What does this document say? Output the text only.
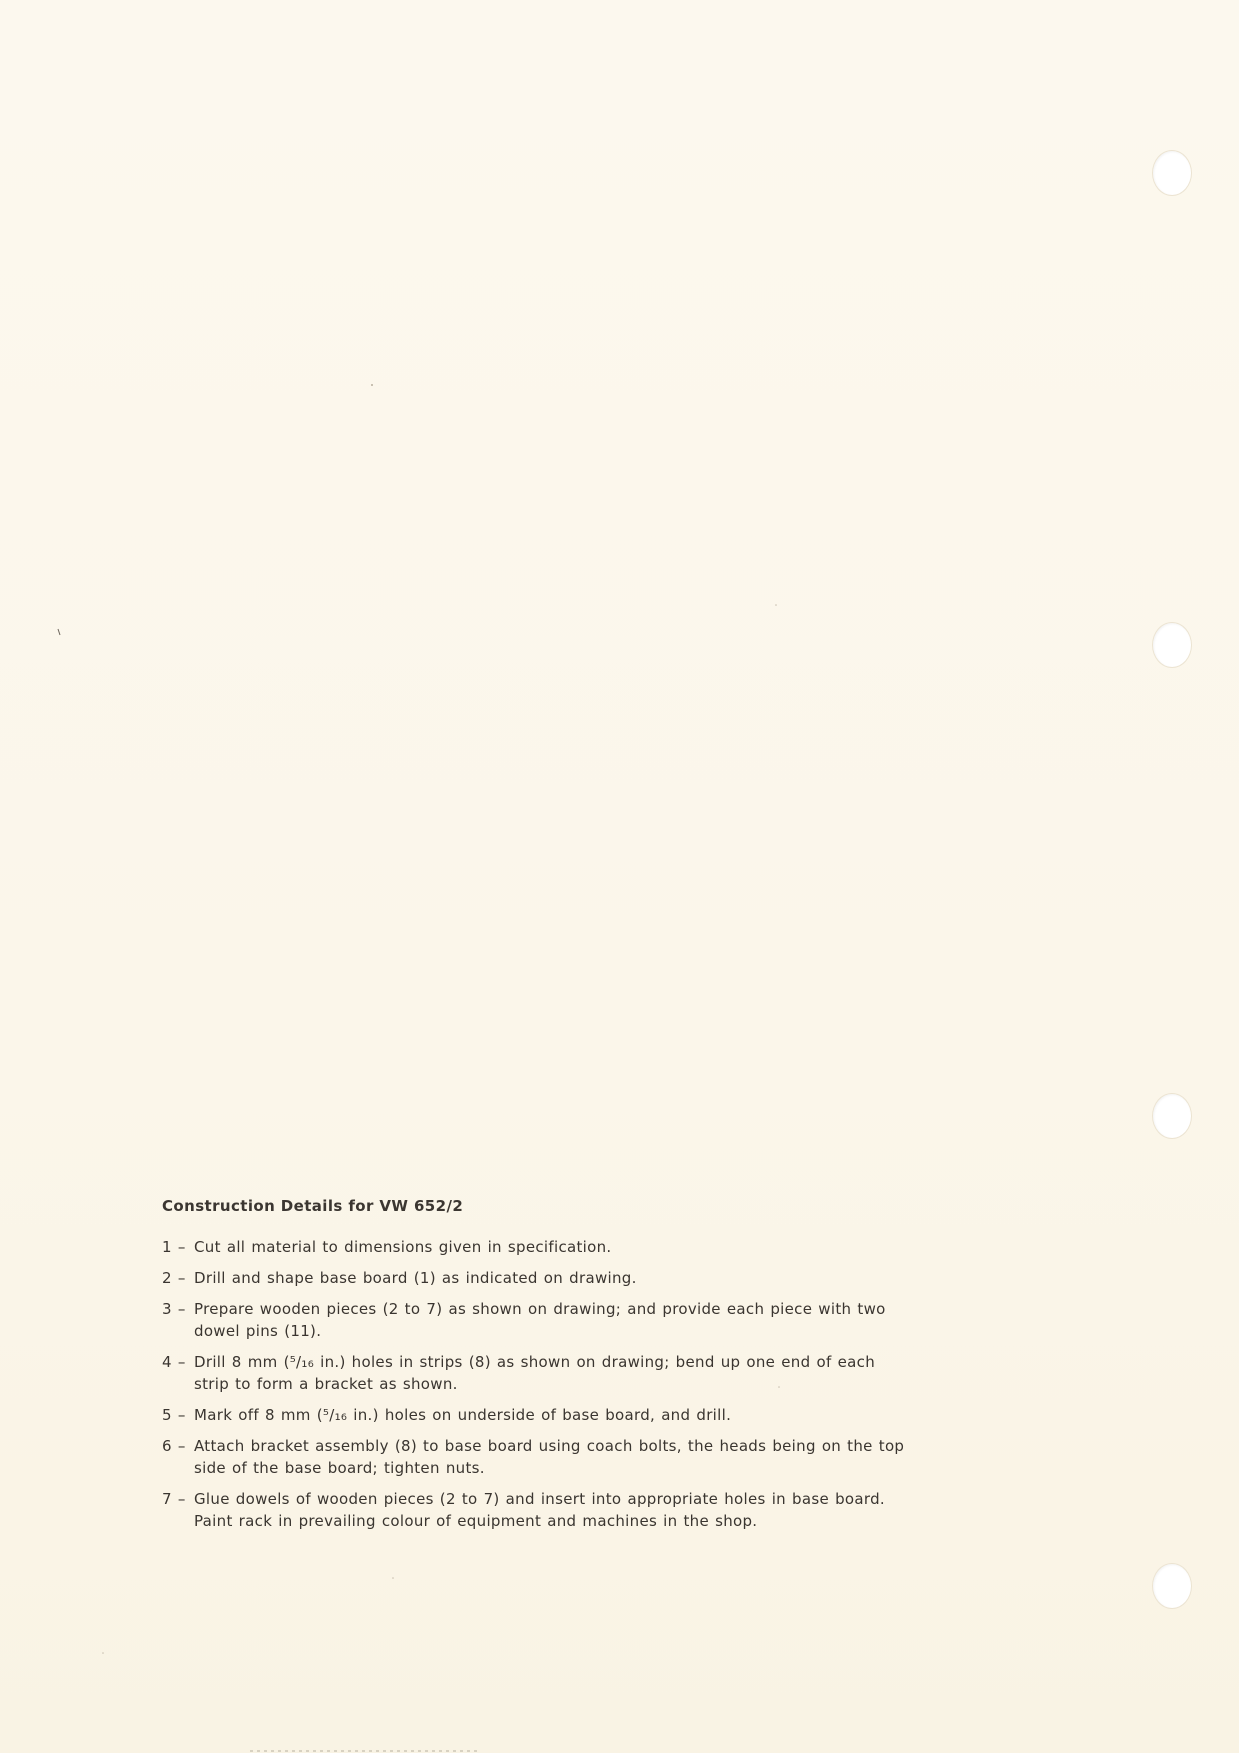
Construction Details for VW 652/2
1 – Cut all material to dimensions given in specification.
2 – Drill and shape base board (1) as indicated on drawing.
3 – Prepare wooden pieces (2 to 7) as shown on drawing; and provide each piece with two dowel pins (11).
4 – Drill 8 mm (⁵/₁₆ in.) holes in strips (8) as shown on drawing; bend up one end of each strip to form a bracket as shown.
5 – Mark off 8 mm (⁵/₁₆ in.) holes on underside of base board, and drill.
6 – Attach bracket assembly (8) to base board using coach bolts, the heads being on the top side of the base board; tighten nuts.
7 – Glue dowels of wooden pieces (2 to 7) and insert into appropriate holes in base board. Paint rack in prevailing colour of equipment and machines in the shop.
